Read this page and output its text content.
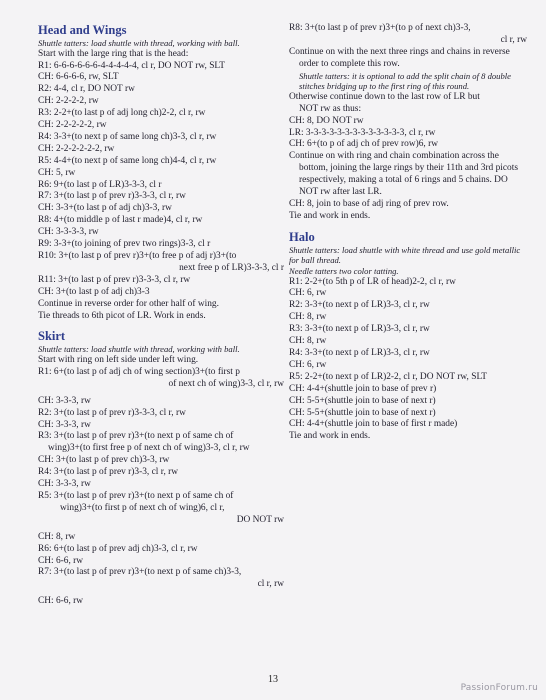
Head and Wings
Shuttle tatters: load shuttle with thread, working with ball.
Start with the large ring that is the head:
R1: 6-6-6-6-6-6-4-4-4-4-4, cl r, DO NOT rw, SLT
CH: 6-6-6-6, rw, SLT
R2: 4-4, cl r, DO NOT rw
CH: 2-2-2-2, rw
R3: 2-2+(to last p of adj long ch)2-2, cl r, rw
CH: 2-2-2-2-2, rw
R4: 3-3+(to next p of same long ch)3-3, cl r, rw
CH: 2-2-2-2-2-2, rw
R5: 4-4+(to next p of same long ch)4-4, cl r, rw
CH: 5, rw
R6: 9+(to last p of LR)3-3-3, cl r
R7: 3+(to last p of prev r)3-3-3, cl r, rw
CH: 3-3+(to last p of adj ch)3-3, rw
R8: 4+(to middle p of last r made)4, cl r, rw
CH: 3-3-3-3, rw
R9: 3-3+(to joining of prev two rings)3-3, cl r
R10: 3+(to last p of prev r)3+(to free p of adj r)3+(to
next free p of LR)3-3-3, cl r
R11: 3+(to last p of prev r)3-3-3, cl r, rw
CH: 3+(to last p of adj ch)3-3
Continue in reverse order for other half of wing.
Tie threads to 6th picot of LR. Work in ends.
Skirt
Shuttle tatters: load shuttle with thread, working with ball.
Start with ring on left side under left wing.
R1: 6+(to last p of adj ch of wing section)3+(to first p
of next ch of wing)3-3, cl r, rw
CH: 3-3-3, rw
R2: 3+(to last p of prev r)3-3-3, cl r, rw
CH: 3-3-3, rw
R3: 3+(to last p of prev r)3+(to next p of same ch of
wing)3+(to first free p of next ch of wing)3-3, cl r, rw
CH: 3+(to last p of prev ch)3-3, rw
R4: 3+(to last p of prev r)3-3, cl r, rw
CH: 3-3-3, rw
R5: 3+(to last p of prev r)3+(to next p of same ch of
wing)3+(to first p of next ch of wing)6, cl r,
DO NOT rw
CH: 8, rw
R6: 6+(to last p of prev adj ch)3-3, cl r, rw
CH: 6-6, rw
R7: 3+(to last p of prev r)3+(to next p of same ch)3-3,
cl r, rw
CH: 6-6, rw
R8: 3+(to last p of prev r)3+(to p of next ch)3-3,
cl r, rw
Continue on with the next three rings and chains in reverse order to complete this row.
Shuttle tatters: it is optional to add the split chain of 8 double stitches bridging up to the first ring of this round.
Otherwise continue down to the last row of LR but
NOT rw as thus:
CH: 8, DO NOT rw
LR: 3-3-3-3-3-3-3-3-3-3-3-3-3, cl r, rw
CH: 6+(to p of adj ch of prev row)6, rw
Continue on with ring and chain combination across the bottom, joining the large rings by their 11th and 3rd picots respectively, making a total of 6 rings and 5 chains. DO NOT rw after last LR.
CH: 8, join to base of adj ring of prev row.
Tie and work in ends.
Halo
Shuttle tatters: load shuttle with white thread and use gold metallic for ball thread.
Needle tatters two color tatting.
R1: 2-2+(to 5th p of LR of head)2-2, cl r, rw
CH: 6, rw
R2: 3-3+(to next p of LR)3-3, cl r, rw
CH: 8, rw
R3: 3-3+(to next p of LR)3-3, cl r, rw
CH: 8, rw
R4: 3-3+(to next p of LR)3-3, cl r, rw
CH: 6, rw
R5: 2-2+(to next p of LR)2-2, cl r, DO NOT rw, SLT
CH: 4-4+(shuttle join to base of prev r)
CH: 5-5+(shuttle join to base of next r)
CH: 5-5+(shuttle join to base of next r)
CH: 4-4+(shuttle join to base of first r made)
Tie and work in ends.
13
PassionForum.ru
